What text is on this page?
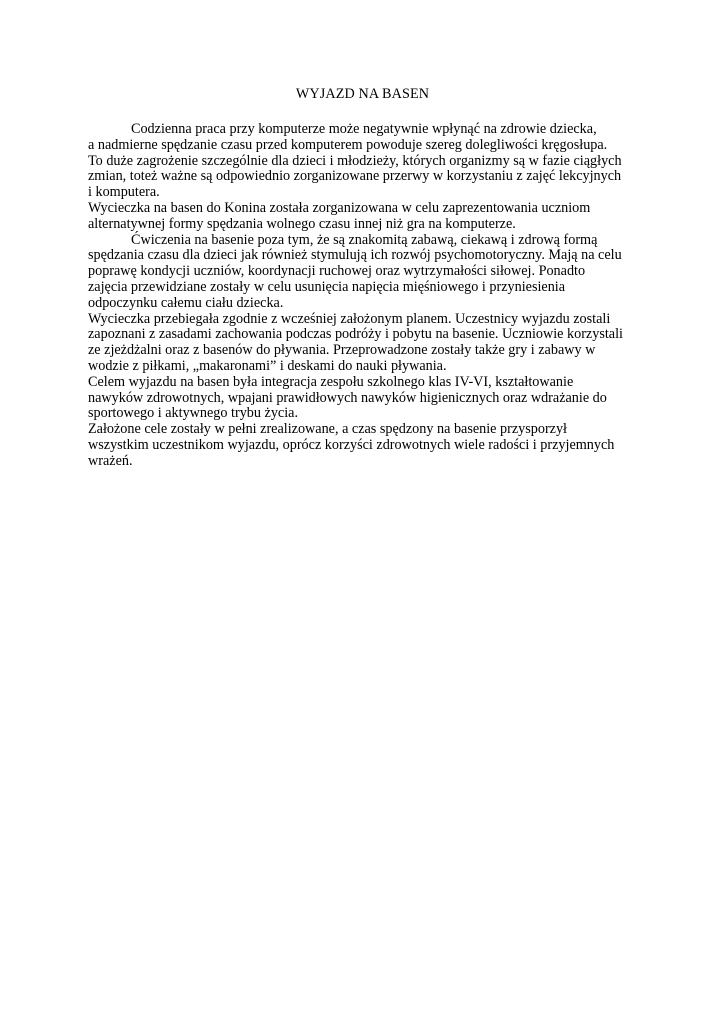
WYJAZD NA BASEN
Codzienna praca przy komputerze może negatywnie wpłynąć na zdrowie dziecka,
a nadmierne spędzanie czasu przed komputerem powoduje szereg dolegliwości kręgosłupa.
To duże zagrożenie szczególnie dla dzieci i młodzieży, których organizmy są w fazie ciągłych
zmian, toteż ważne są odpowiednio zorganizowane przerwy w korzystaniu z zajęć lekcyjnych
i komputera.
Wycieczka na basen do Konina została zorganizowana w celu zaprezentowania uczniom
alternatywnej formy spędzania wolnego czasu innej niż gra na komputerze.
Ćwiczenia na basenie poza tym, że są znakomitą zabawą, ciekawą i zdrową formą
spędzania czasu dla dzieci jak również stymulują ich rozwój psychomotoryczny. Mają na celu
poprawę kondycji uczniów, koordynacji ruchowej oraz wytrzymałości siłowej. Ponadto
zajęcia przewidziane zostały w celu usunięcia napięcia mięśniowego i przyniesienia
odpoczynku całemu ciału dziecka.
Wycieczka przebiegała zgodnie z wcześniej założonym planem. Uczestnicy wyjazdu zostali
zapoznani z zasadami zachowania podczas podróży i pobytu na basenie. Uczniowie korzystali
ze zjeżdżalni oraz z basenów do pływania. Przeprowadzone zostały także gry i zabawy w
wodzie z piłkami, „makaronami” i deskami do nauki pływania.
Celem wyjazdu na basen była integracja zespołu szkolnego klas IV-VI, kształtowanie
nawyków zdrowotnych, wpajani prawidłowych nawyków higienicznych oraz wdrażanie do
sportowego i aktywnego trybu życia.
Założone cele zostały w pełni zrealizowane, a czas spędzony na basenie przysporzył
wszystkim uczestnikom wyjazdu, oprócz korzyści zdrowotnych wiele radości i przyjemnych
wrażeń.
